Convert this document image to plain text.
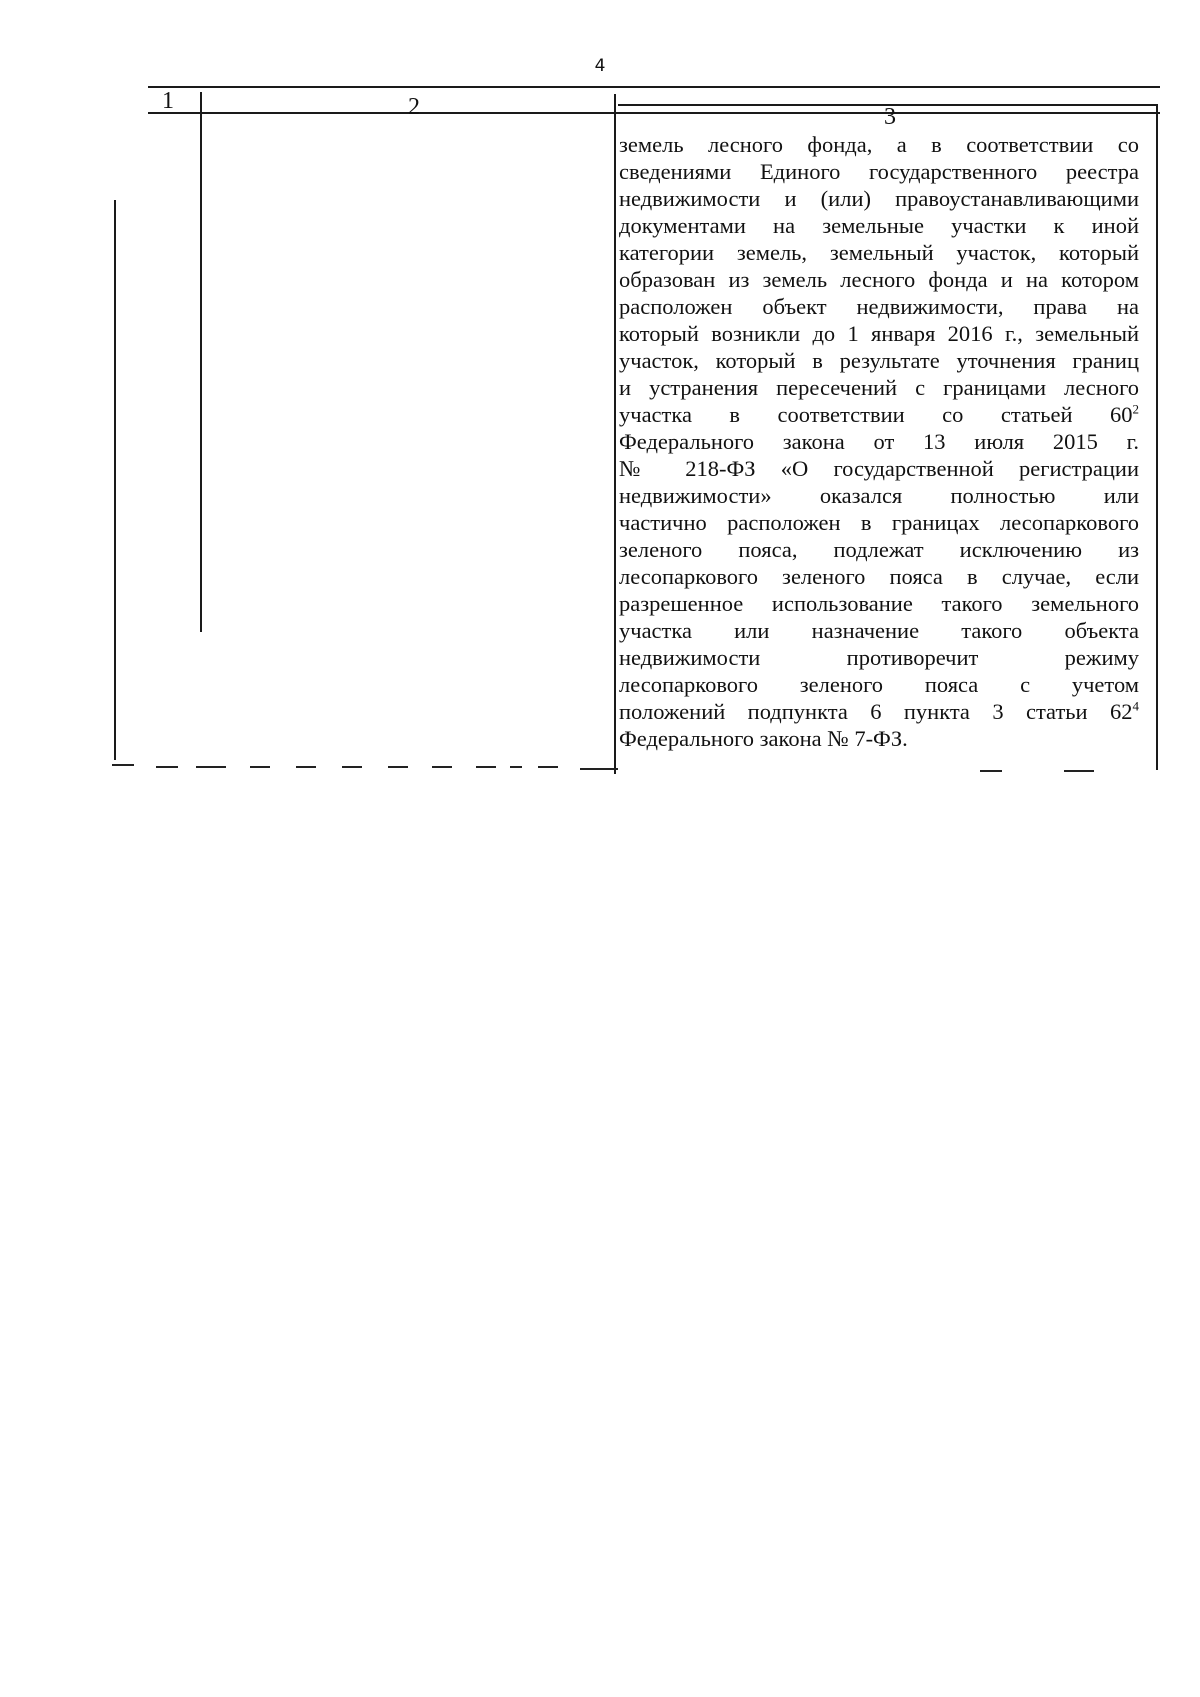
4
1	2	3
земель лесного фонда, а в соответствии со
сведениями Единого государственного реестра
недвижимости и (или) правоустанавливающими
документами на земельные участки к иной
категории земель, земельный участок, который
образован из земель лесного фонда и на котором
расположен объект недвижимости, права на
который возникли до 1 января 2016 г., земельный
участок, который в результате уточнения границ
и устранения пересечений с границами лесного
участка в соответствии со статьей $60^2$
Федерального закона от 13 июля 2015 г.
№ 218-ФЗ «О государственной регистрации
недвижимости» оказался полностью или
частично расположен в границах лесопаркового
зеленого пояса, подлежат исключению из
лесопаркового зеленого пояса в случае, если
разрешенное использование такого земельного
участка или назначение такого объекта
недвижимости противоречит режиму
лесопаркового зеленого пояса с учетом
положений подпункта 6 пункта 3 статьи $62^4$
Федерального закона № 7-ФЗ.
